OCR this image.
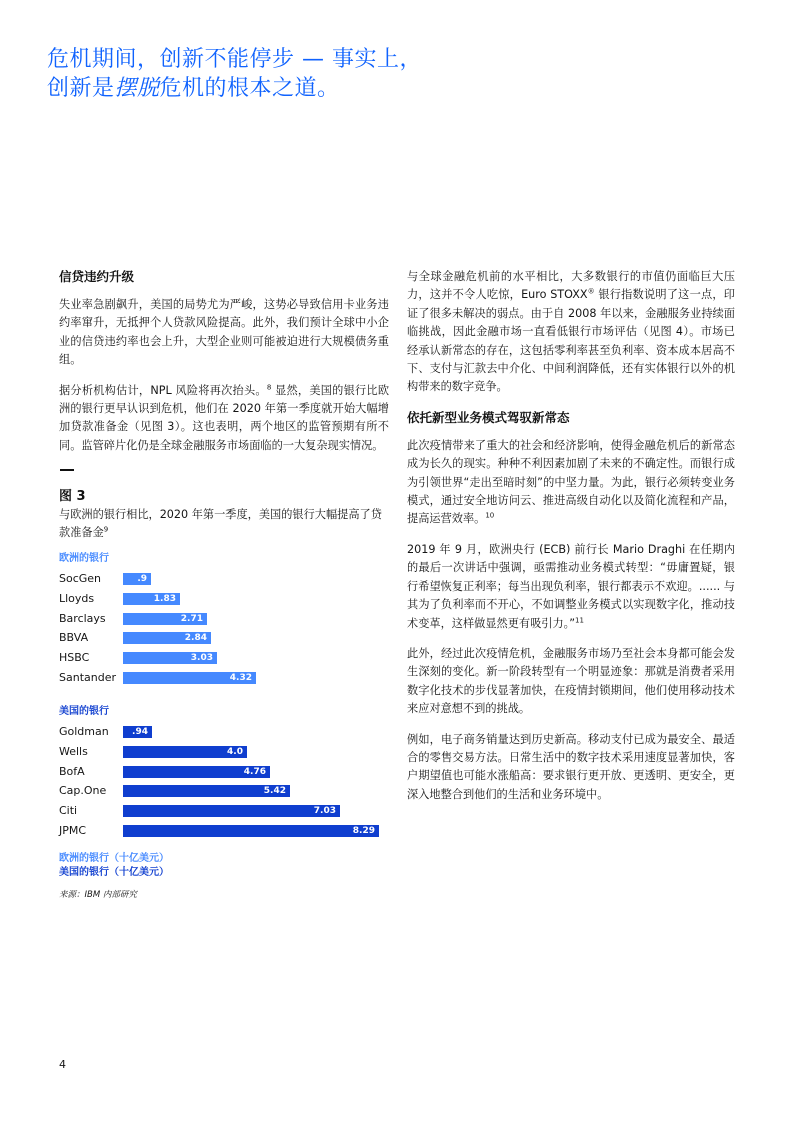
危机期间，创新不能停步 — 事实上，

创新是摆脱危机的根本之道。

信贷违约升级

失业率急剧飙升，美国的局势尤为严峻，这势必导致信用卡业务违约率窜升，无抵押个人贷款风险提高。此外，我们预计全球中小企业的信贷违约率也会上升，大型企业则可能被迫进行大规模债务重组。

据分析机构估计，NPL 风险将再次抬头。$^8$ 显然，美国的银行比欧洲的银行更早认识到危机，他们在 2020 年第一季度就开始大幅增加贷款准备金（见图 3）。这也表明，两个地区的监管预期有所不同。监管碎片化仍是全球金融服务市场面临的一大复杂现实情况。

图 3
与欧洲的银行相比，2020 年第一季度，美国的银行大幅提高了贷款准备金$^9$
欧洲的银行
SocGen	.9
Lloyds	1.83
Barclays	2.71
BBVA	2.84
HSBC	3.03
Santander	4.32
美国的银行
Goldman	.94
Wells	4.0
BofA	4.76
Cap.One	5.42
Citi	7.03
JPMC	8.29
欧洲的银行（十亿美元）
美国的银行（十亿美元）
来源：IBM 内部研究

与全球金融危机前的水平相比，大多数银行的市值仍面临巨大压力，这并不令人吃惊，Euro STOXX® 银行指数说明了这一点，印证了很多未解决的弱点。由于自 2008 年以来，金融服务业持续面临挑战，因此金融市场一直看低银行市场评估（见图 4）。市场已经承认新常态的存在，这包括零利率甚至负利率、资本成本居高不下、支付与汇款去中介化、中间利润降低，还有实体银行以外的机构带来的数字竞争。

依托新型业务模式驾驭新常态

此次疫情带来了重大的社会和经济影响，使得金融危机后的新常态成为长久的现实。种种不利因素加剧了未来的不确定性。而银行成为引领世界“走出至暗时刻”的中坚力量。为此，银行必须转变业务模式，通过安全地访问云、推进高级自动化以及简化流程和产品，提高运营效率。$^{10}$

2019 年 9 月，欧洲央行 (ECB) 前行长 Mario Draghi 在任期内的最后一次讲话中强调，亟需推动业务模式转型：“毋庸置疑，银行希望恢复正利率；每当出现负利率，银行都表示不欢迎。...... 与其为了负利率而不开心，不如调整业务模式以实现数字化，推动技术变革，这样做显然更有吸引力。”$^{11}$

此外，经过此次疫情危机，金融服务市场乃至社会本身都可能会发生深刻的变化。新一阶段转型有一个明显迹象：那就是消费者采用数字化技术的步伐显著加快，在疫情封锁期间，他们使用移动技术来应对意想不到的挑战。

例如，电子商务销量达到历史新高。移动支付已成为最安全、最适合的零售交易方法。日常生活中的数字技术采用速度显著加快，客户期望值也可能水涨船高：要求银行更开放、更透明、更安全，更深入地整合到他们的生活和业务环境中。

4
